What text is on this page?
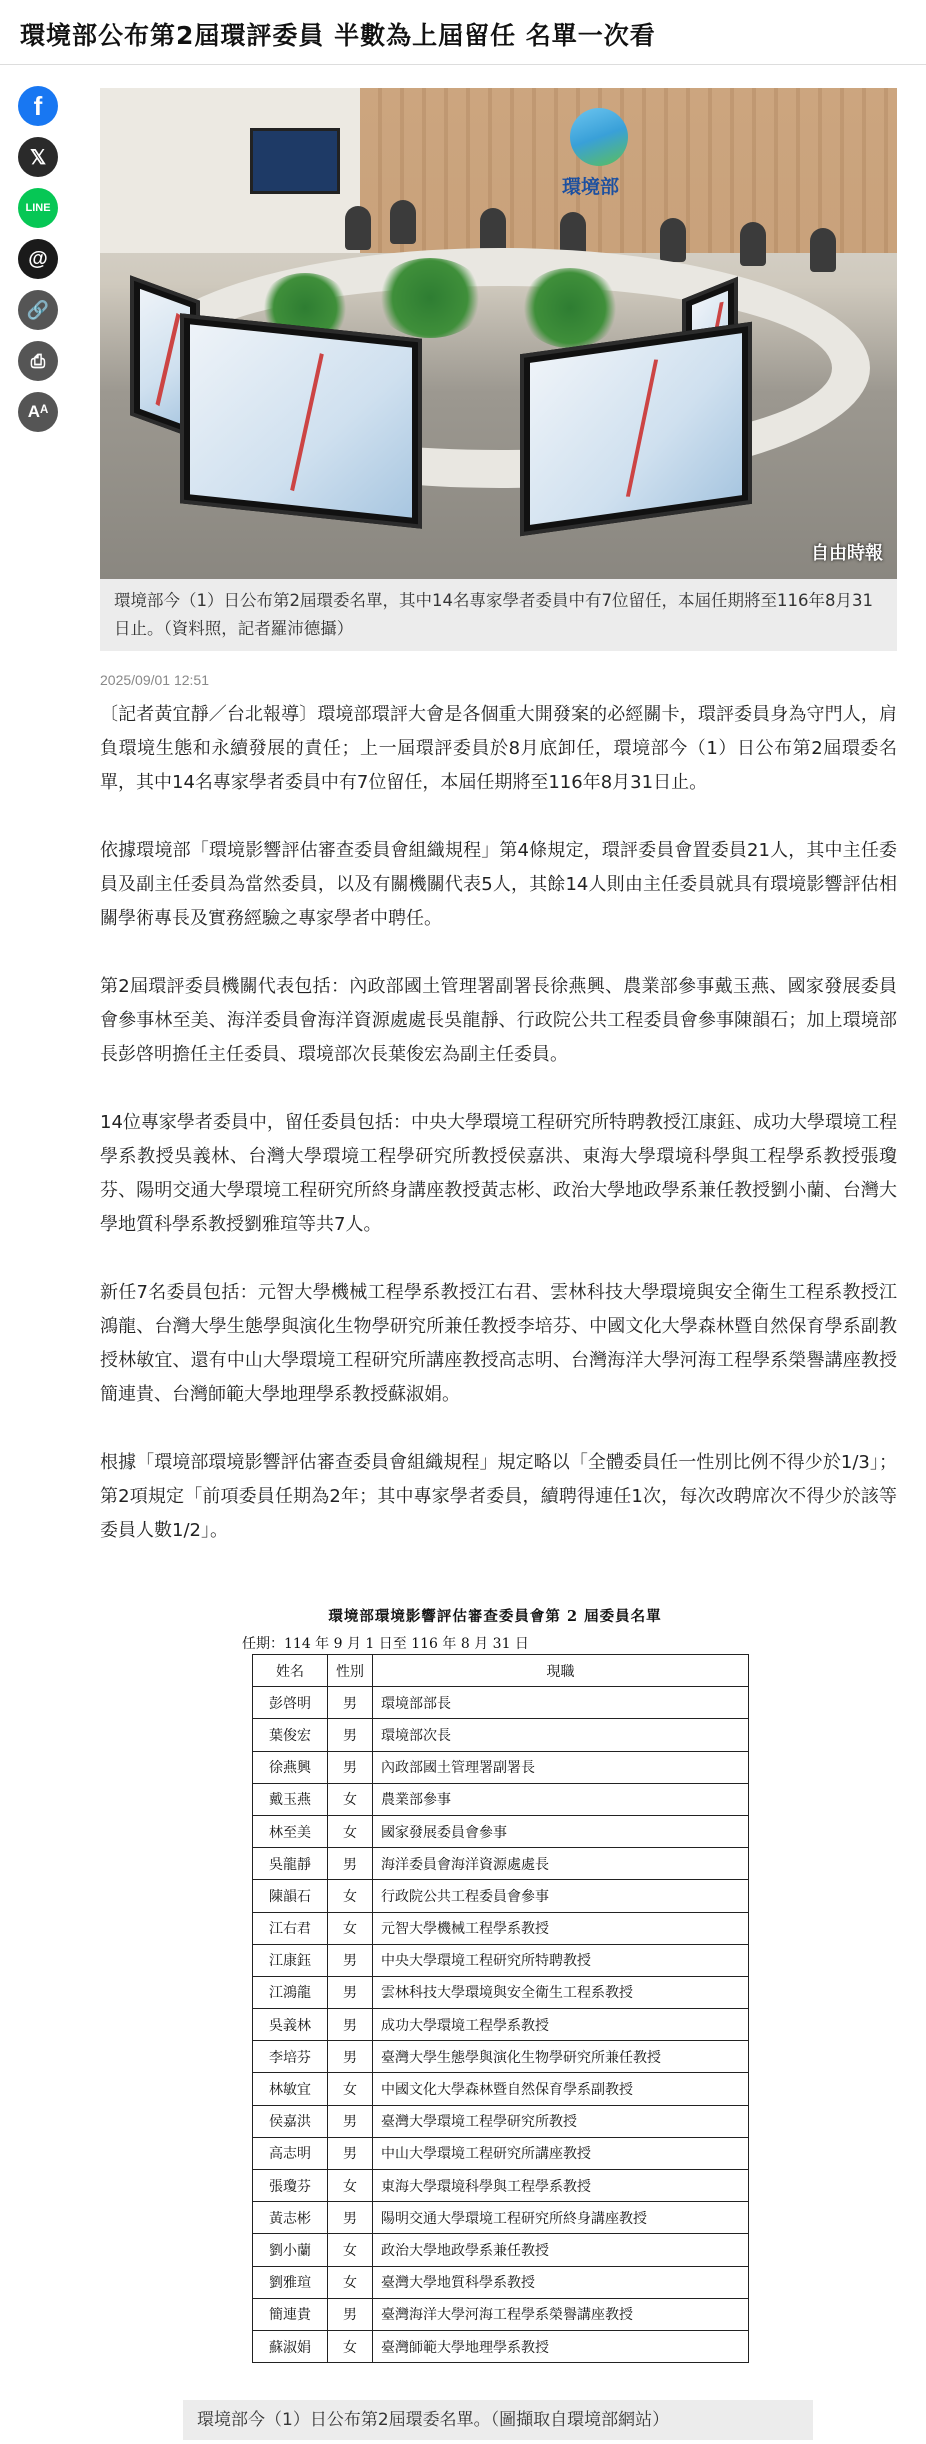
環境部公布第2屆環評委員 半數為上屆留任 名單一次看
f
𝕏
LINE
@
🔗
⎙
Aᴬ
環境部
自由時報
環境部今（1）日公布第2屆環委名單，其中14名專家學者委員中有7位留任，本屆任期將至116年8月31日止。（資料照，記者羅沛德攝）
2025/09/01 12:51

〔記者黃宜靜／台北報導〕環境部環評大會是各個重大開發案的必經關卡，環評委員身為守門人，肩負環境生態和永續發展的責任；上一屆環評委員於8月底卸任，環境部今（1）日公布第2屆環委名單，其中14名專家學者委員中有7位留任，本屆任期將至116年8月31日止。

依據環境部「環境影響評估審查委員會組織規程」第4條規定，環評委員會置委員21人，其中主任委員及副主任委員為當然委員，以及有關機關代表5人，其餘14人則由主任委員就具有環境影響評估相關學術專長及實務經驗之專家學者中聘任。

第2屆環評委員機關代表包括：內政部國土管理署副署長徐燕興、農業部參事戴玉燕、國家發展委員會參事林至美、海洋委員會海洋資源處處長吳龍靜、行政院公共工程委員會參事陳韻石；加上環境部長彭啓明擔任主任委員、環境部次長葉俊宏為副主任委員。

14位專家學者委員中，留任委員包括：中央大學環境工程研究所特聘教授江康鈺、成功大學環境工程學系教授吳義林、台灣大學環境工程學研究所教授侯嘉洪、東海大學環境科學與工程學系教授張瓊芬、陽明交通大學環境工程研究所終身講座教授黃志彬、政治大學地政學系兼任教授劉小蘭、台灣大學地質科學系教授劉雅瑄等共7人。

新任7名委員包括：元智大學機械工程學系教授江右君、雲林科技大學環境與安全衛生工程系教授江鴻龍、台灣大學生態學與演化生物學研究所兼任教授李培芬、中國文化大學森林暨自然保育學系副教授林敏宜、還有中山大學環境工程研究所講座教授高志明、台灣海洋大學河海工程學系榮譽講座教授簡連貴、台灣師範大學地理學系教授蘇淑娟。

根據「環境部環境影響評估審查委員會組織規程」規定略以「全體委員任一性別比例不得少於1/3」；第2項規定「前項委員任期為2年；其中專家學者委員，續聘得連任1次，每次改聘席次不得少於該等委員人數1/2」。

環境部環境影響評估審查委員會第 2 屆委員名單
任期：114 年 9 月 1 日至 116 年 8 月 31 日
姓名	性別	現職
彭啓明	男	環境部部長
葉俊宏	男	環境部次長
徐燕興	男	內政部國土管理署副署長
戴玉燕	女	農業部參事
林至美	女	國家發展委員會參事
吳龍靜	男	海洋委員會海洋資源處處長
陳韻石	女	行政院公共工程委員會參事
江右君	女	元智大學機械工程學系教授
江康鈺	男	中央大學環境工程研究所特聘教授
江鴻龍	男	雲林科技大學環境與安全衛生工程系教授
吳義林	男	成功大學環境工程學系教授
李培芬	男	臺灣大學生態學與演化生物學研究所兼任教授
林敏宜	女	中國文化大學森林暨自然保育學系副教授
侯嘉洪	男	臺灣大學環境工程學研究所教授
高志明	男	中山大學環境工程研究所講座教授
張瓊芬	女	東海大學環境科學與工程學系教授
黃志彬	男	陽明交通大學環境工程研究所終身講座教授
劉小蘭	女	政治大學地政學系兼任教授
劉雅瑄	女	臺灣大學地質科學系教授
簡連貴	男	臺灣海洋大學河海工程學系榮譽講座教授
蘇淑娟	女	臺灣師範大學地理學系教授
環境部今（1）日公布第2屆環委名單。（圖擷取自環境部網站）
